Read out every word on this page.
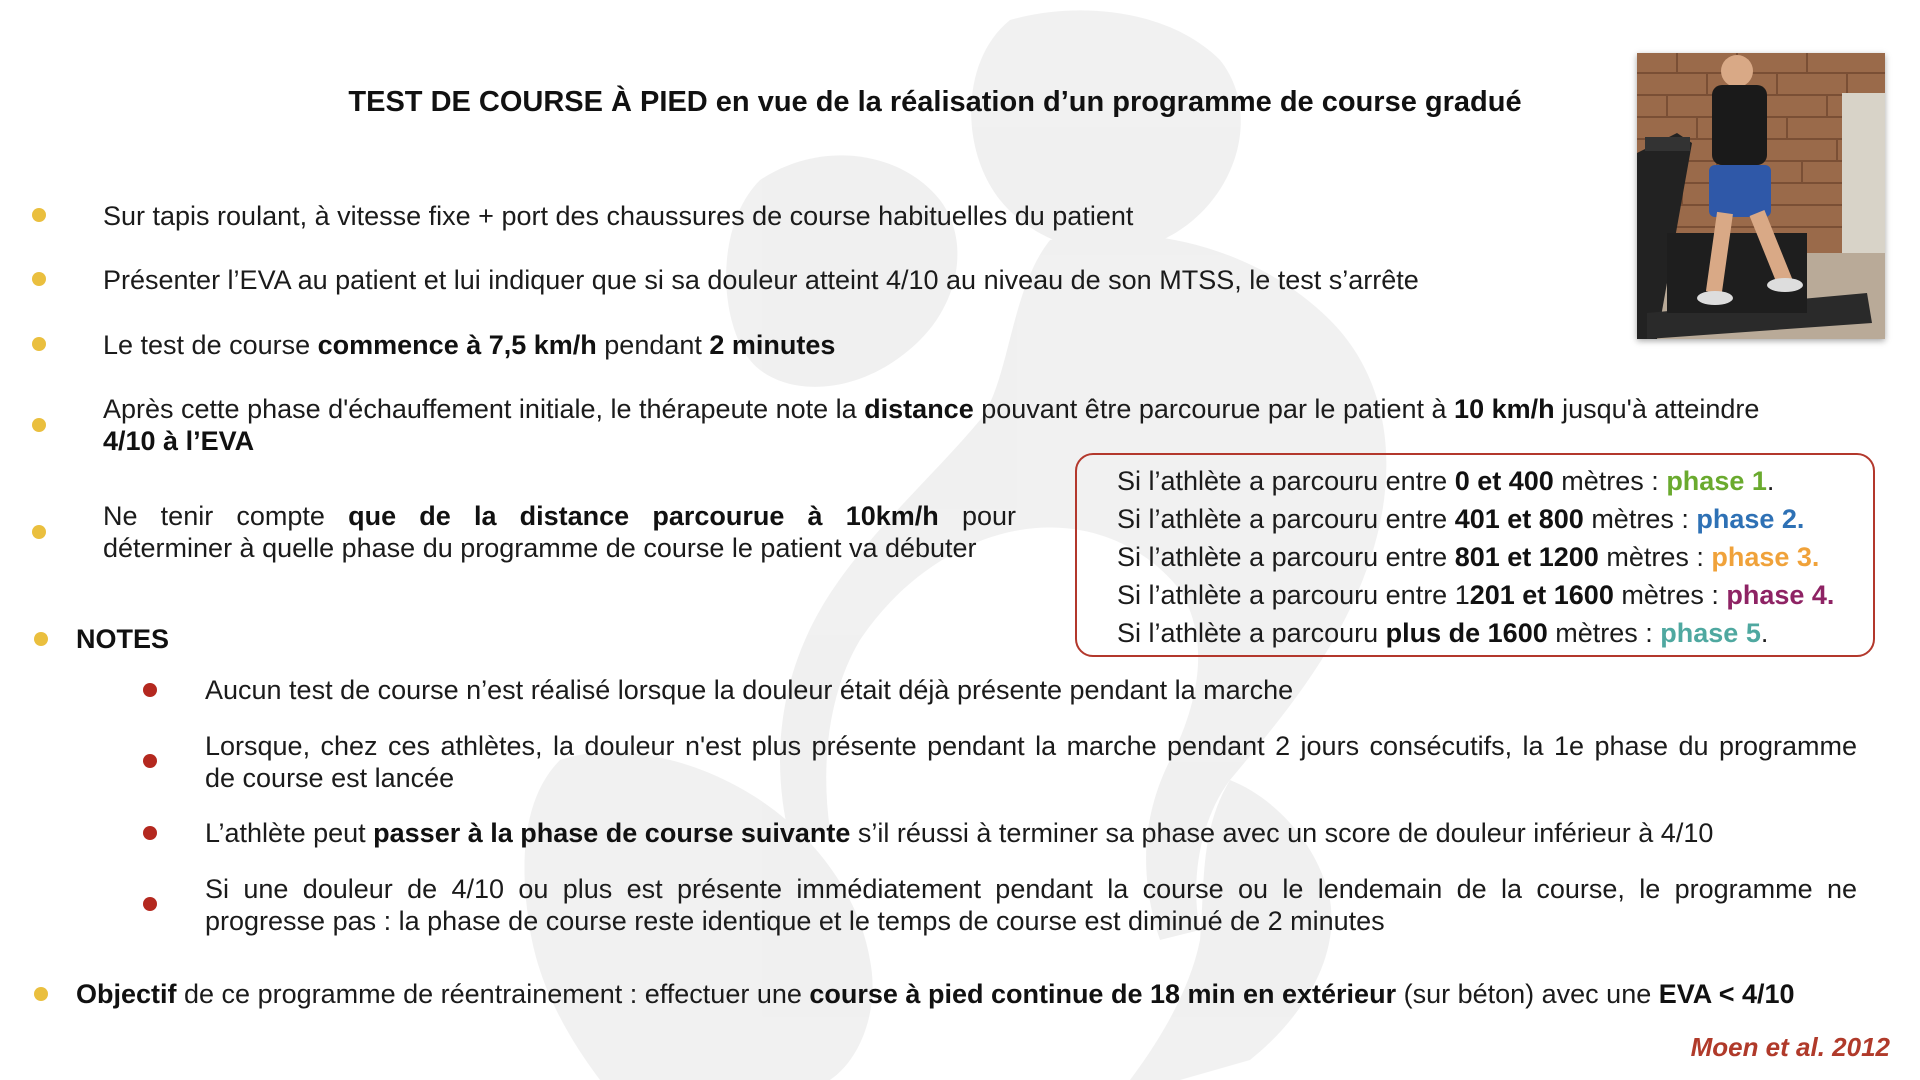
TEST DE COURSE À PIED en vue de la réalisation d’un programme de course gradué
Sur tapis roulant, à vitesse fixe + port des chaussures de course habituelles du patient
Présenter l’EVA au patient et lui indiquer que si sa douleur atteint 4/10 au niveau de son MTSS, le test s’arrête
Le test de course commence à 7,5 km/h pendant 2 minutes
Après cette phase d'échauffement initiale, le thérapeute note la distance pouvant être parcourue par le patient à 10 km/h jusqu'à atteindre
4/10 à l’EVA
Ne tenir compte que de la distance parcourue à 10km/h pour
déterminer à quelle phase du programme de course le patient va débuter
Si l’athlète a parcouru entre 0 et 400 mètres : phase 1.
Si l’athlète a parcouru entre 401 et 800 mètres : phase 2.
Si l’athlète a parcouru entre 801 et 1200 mètres : phase 3.
Si l’athlète a parcouru entre 1201 et 1600 mètres : phase 4.
Si l’athlète a parcouru plus de 1600 mètres : phase 5.
NOTES
Aucun test de course n’est réalisé lorsque la douleur était déjà présente pendant la marche
Lorsque, chez ces athlètes, la douleur n'est plus présente pendant la marche pendant 2 jours consécutifs, la 1e phase du programme
de course est lancée
L’athlète peut passer à la phase de course suivante s’il réussi à terminer sa phase avec un score de douleur inférieur à 4/10
Si une douleur de 4/10 ou plus est présente immédiatement pendant la course ou le lendemain de la course, le programme ne
progresse pas : la phase de course reste identique et le temps de course est diminué de 2 minutes
Objectif de ce programme de réentrainement : effectuer une course à pied continue de 18 min en extérieur (sur béton) avec une EVA < 4/10
Moen et al. 2012
